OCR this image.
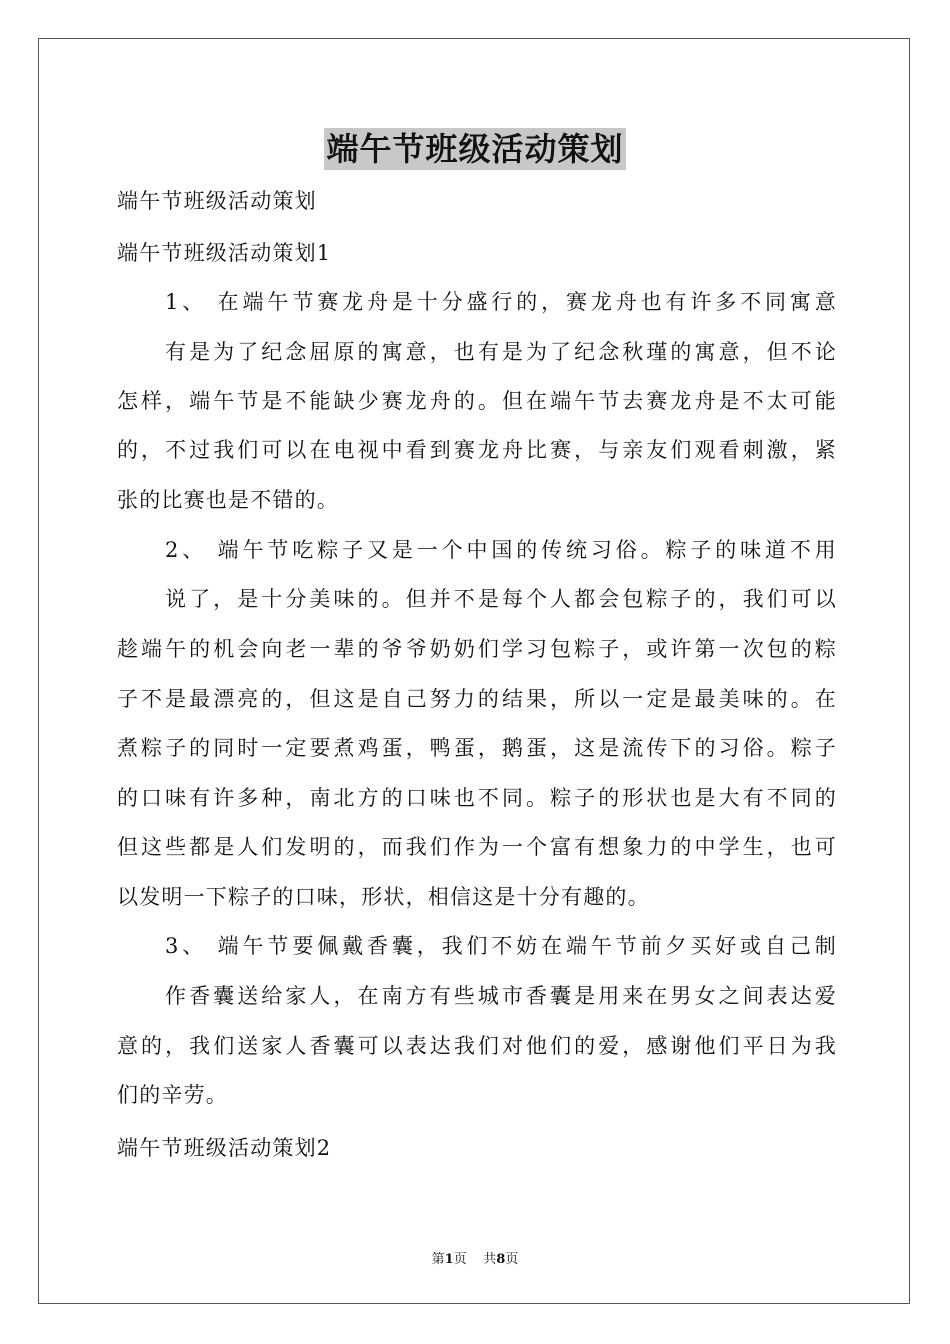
端午节班级活动策划
端午节班级活动策划
端午节班级活动策划1
1、 在端午节赛龙舟是十分盛行的，赛龙舟也有许多不同寓意
有是为了纪念屈原的寓意，也有是为了纪念秋瑾的寓意，但不论
怎样，端午节是不能缺少赛龙舟的。但在端午节去赛龙舟是不太可能
的，不过我们可以在电视中看到赛龙舟比赛，与亲友们观看刺激，紧
张的比赛也是不错的。
2、 端午节吃粽子又是一个中国的传统习俗。粽子的味道不用
说了，是十分美味的。但并不是每个人都会包粽子的，我们可以
趁端午的机会向老一辈的爷爷奶奶们学习包粽子，或许第一次包的粽
子不是最漂亮的，但这是自己努力的结果，所以一定是最美味的。在
煮粽子的同时一定要煮鸡蛋，鸭蛋，鹅蛋，这是流传下的习俗。粽子
的口味有许多种，南北方的口味也不同。粽子的形状也是大有不同的
但这些都是人们发明的，而我们作为一个富有想象力的中学生，也可
以发明一下粽子的口味，形状，相信这是十分有趣的。
3、 端午节要佩戴香囊，我们不妨在端午节前夕买好或自己制
作香囊送给家人，在南方有些城市香囊是用来在男女之间表达爱
意的，我们送家人香囊可以表达我们对他们的爱，感谢他们平日为我
们的辛劳。
端午节班级活动策划2
第1页 共8页
